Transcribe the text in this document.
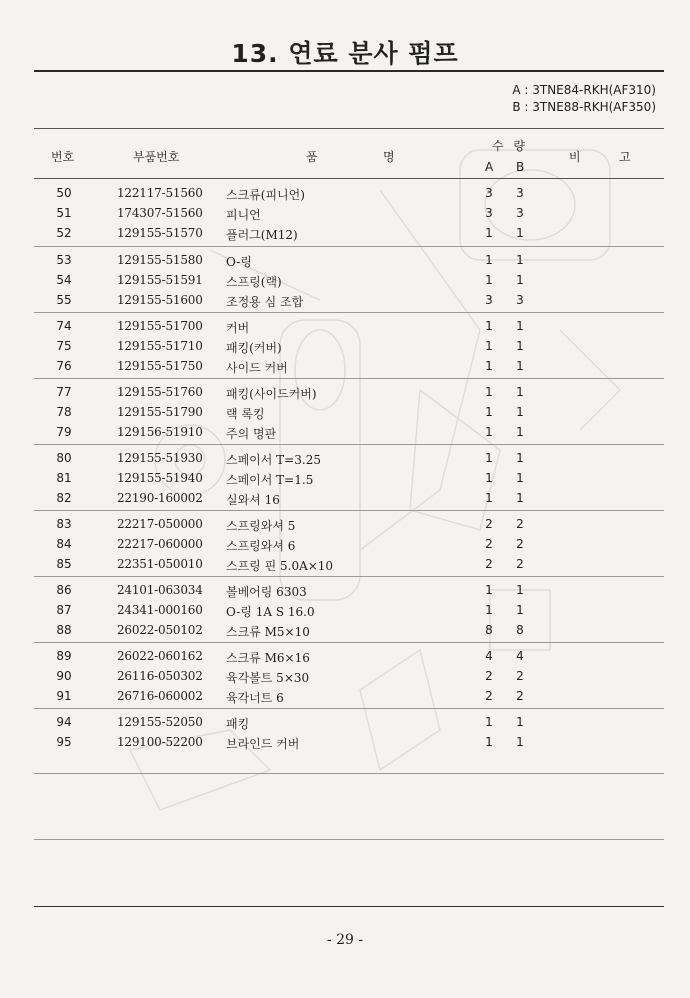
13. 연료 분사 펌프
A : 3TNE84-RKH(AF310)
B : 3TNE88-RKH(AF350)
번호	부품번호	품	명
수 량
A B
비	고
50	122117-51560 스크류(피니언)	3 3
51	174307-51560 피니언	3 3
52	129155-51570 플러그(M12)	1 1
53	129155-51580 O-링	1 1
54	129155-51591 스프링(랙)	1 1
55	129155-51600 조정용 심 조합	3 3
74	129155-51700 커버	1 1
75	129155-51710 패킹(커버)	1 1
76	129155-51750 사이드 커버	1 1
77	129155-51760 패킹(사이드커버)	1 1
78	129155-51790 랙 록킹	1 1
79	129156-51910 주의 명판	1 1
80	129155-51930 스페이서 T=3.25	1 1
81	129155-51940 스페이서 T=1.5	1 1
82	22190-160002 실와셔 16	1 1
83	22217-050000 스프링와셔 5	2 2
84	22217-060000 스프링와셔 6	2 2
85	22351-050010 스프링 핀 5.0A×10	2 2
86	24101-063034 볼베어링 6303	1 1
87	24341-000160 O-링 1A S 16.0	1 1
88	26022-050102 스크류 M5×10	8 8
89	26022-060162 스크류 M6×16	4 4
90	26116-050302 육각볼트 5×30	2 2
91	26716-060002 육각너트 6	2 2
94	129155-52050 패킹	1 1
95	129100-52200 브라인드 커버	1 1
- 29 -
